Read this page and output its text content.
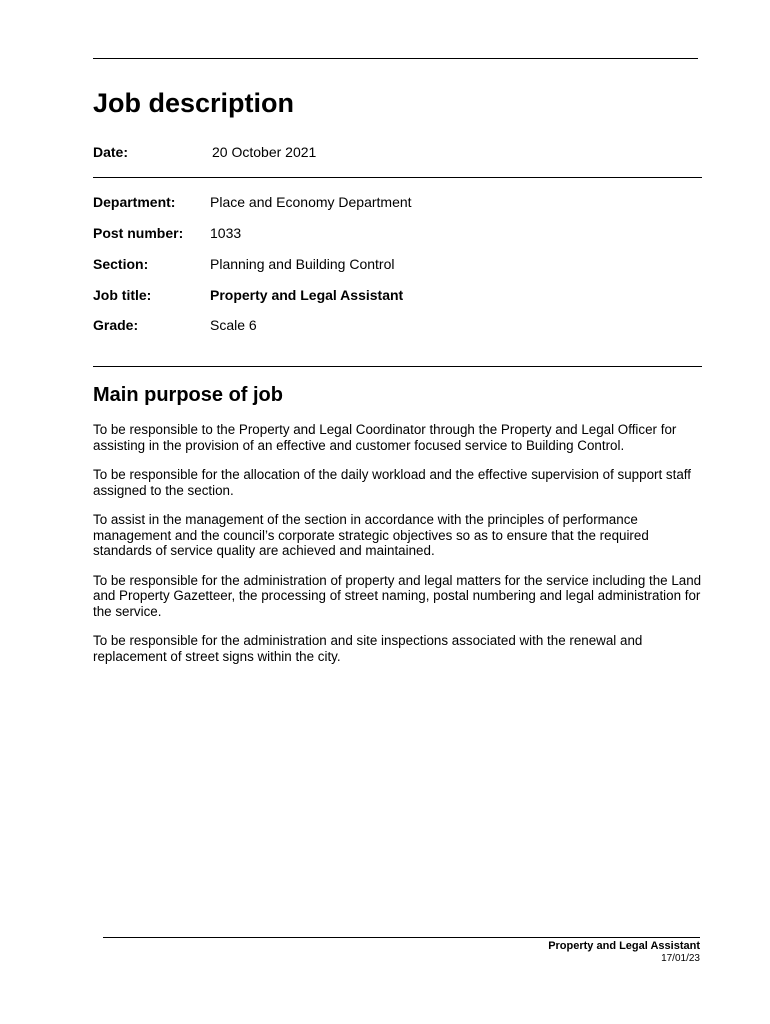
Job description
Date:	20 October 2021
Department: Place and Economy Department
Post number: 1033
Section:	Planning and Building Control
Job title:	Property and Legal Assistant
Grade:	Scale 6
Main purpose of job

To be responsible to the Property and Legal Coordinator through the Property and Legal Officer for assisting in the provision of an effective and customer focused service to Building Control.

To be responsible for the allocation of the daily workload and the effective supervision of support staff assigned to the section.

To assist in the management of the section in accordance with the principles of performance management and the council’s corporate strategic objectives so as to ensure that the required standards of service quality are achieved and maintained.

To be responsible for the administration of property and legal matters for the service including the Land and Property Gazetteer, the processing of street naming, postal numbering and legal administration for the service.

To be responsible for the administration and site inspections associated with the renewal and replacement of street signs within the city.

Property and Legal Assistant
17/01/23
